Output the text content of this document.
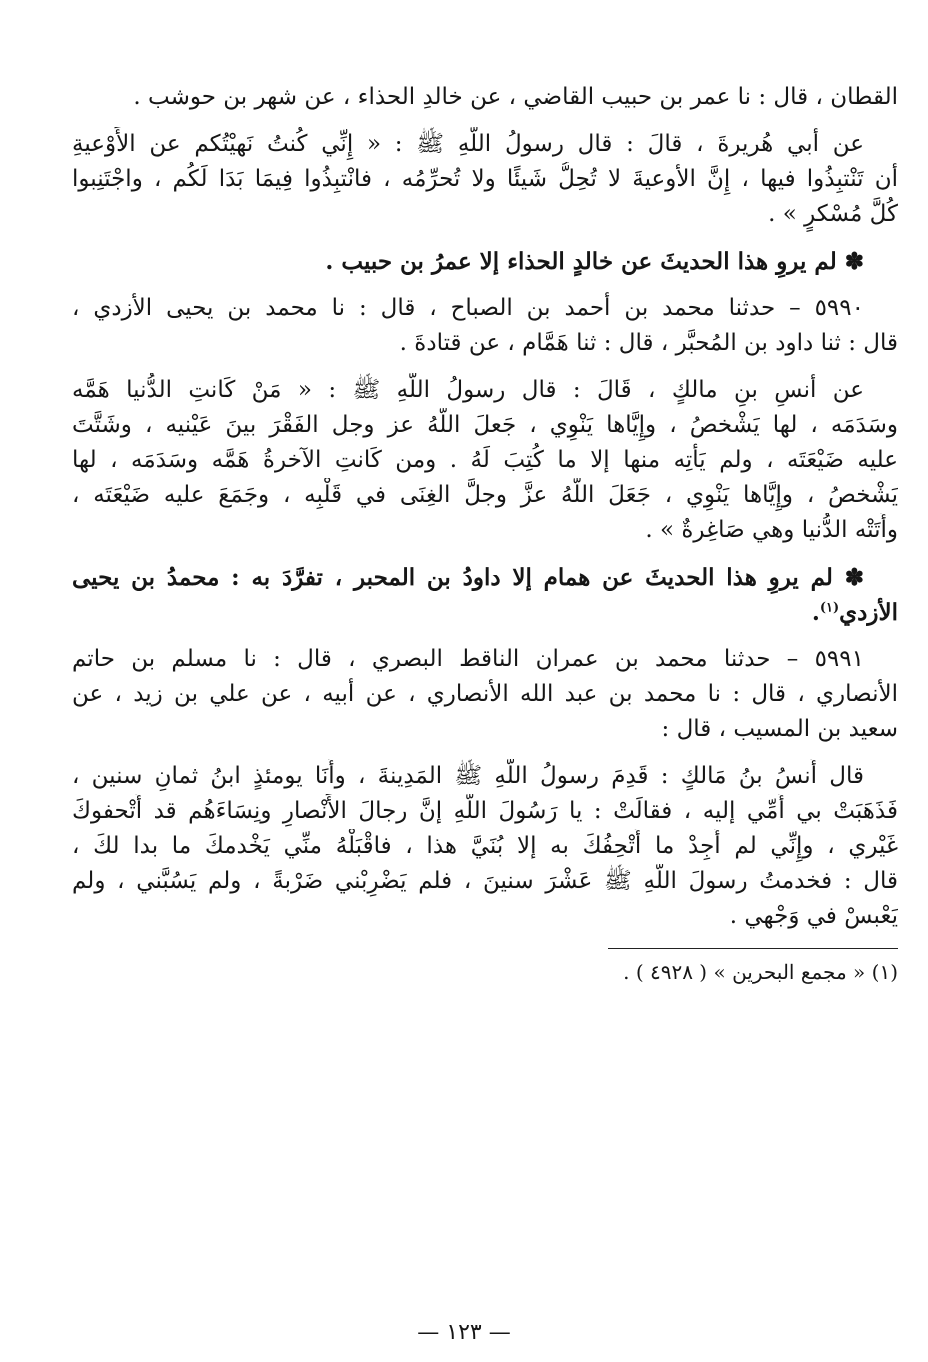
القطان ، قال : نا عمر بن حبيب القاضي ، عن خالدِ الحذاء ، عن شهر بن حوشب .
عن أبي هُريرةَ ، قالَ : قال رسولُ اللَّهِ ﷺ : « إِنِّي كُنتُ نَهيْتُكم عن الأَوْعيةِ
أن تَنْتبِذُوا فيها ، إِنَّ الأوعيةَ لا تُحِلُّ شَيئًا ولا تُحرِّمُه ، فانْتبِذُوا فِيمَا بَدَا لَكُم ، واجْتَنِبوا
كُلَّ مُسْكرٍ » .
✽ لم يروِ هذا الحديثَ عن خالدٍ الحذاء إلا عمرُ بن حبيب .
٥٩٩٠ – حدثنا محمد بن أحمد بن الصباح ، قال : نا محمد بن يحيى الأزدي ،
قال : ثنا داود بن المُحبَّر ، قال : ثنا هَمَّام ، عن قتادةَ .
عن أنسِ بنِ مالكٍ ، قَالَ : قال رسولُ اللَّهِ ﷺ : « مَنْ كَانتِ الدُّنيا هَمَّه
وسَدَمَه ، لها يَشْخصُ ، وإِيَّاها يَنْوِي ، جَعلَ اللَّهُ عز وجل الفَقْرَ بينَ عَيْنيه ، وشَتَّتَ
عليه ضَيْعَتَه ، ولم يَأْتِه منها إلا ما كُتِبَ لَهُ . ومن كَانتِ الآخرةُ هَمَّه وسَدَمَه ، لها
يَشْخصُ ، وإِيَّاها يَنْوِي ، جَعَلَ اللَّهُ عزَّ وجلَّ الغِنَى في قَلْبِه ، وجَمَعَ عليه ضَيْعَتَه ،
وأَتَتْه الدُّنيا وهي صَاغِرةٌ » .
✽ لم يروِ هذا الحديثَ عن همام إلا داودُ بن المحبر ، تفرَّدَ به : محمدُ بن يحيى
الأزدي$^{(١)}$.
٥٩٩١ – حدثنا محمد بن عمران الناقط البصري ، قال : نا مسلم بن حاتم
الأنصاري ، قال : نا محمد بن عبد الله الأنصاري ، عن أبيه ، عن علي بن زيد ، عن
سعيد بن المسيب ، قال :
قال أَنسُ بنُ مَالكٍ : قَدِمَ رسولُ اللَّهِ ﷺ المَدِينةَ ، وأَنَا يومئذٍ ابنُ ثمانِ سنين ،
فَذَهَبَتْ بي أُمِّي إليه ، فقالَتْ : يا رَسُولَ اللَّهِ إنَّ رجالَ الأَنْصارِ ونِسَاءَهُم قد أَتْحفوكَ
غَيْري ، وإِنِّي لم أَجِدْ ما أُتْحِفُكَ به إلا بُنَيَّ هذا ، فاقْبَلْهُ منِّي يَخْدمكَ ما بدا لكَ ،
قال : فخدمتُ رسولَ اللَّهِ ﷺ عَشْرَ سنينَ ، فلم يَضْرِبْني ضَرْبةً ، ولم يَسُبَّني ، ولم
يَعْبسْ في وَجْهي .
(١) « مجمع البحرين » ( ٤٩٢٨ ) .
— ١٢٣ —
